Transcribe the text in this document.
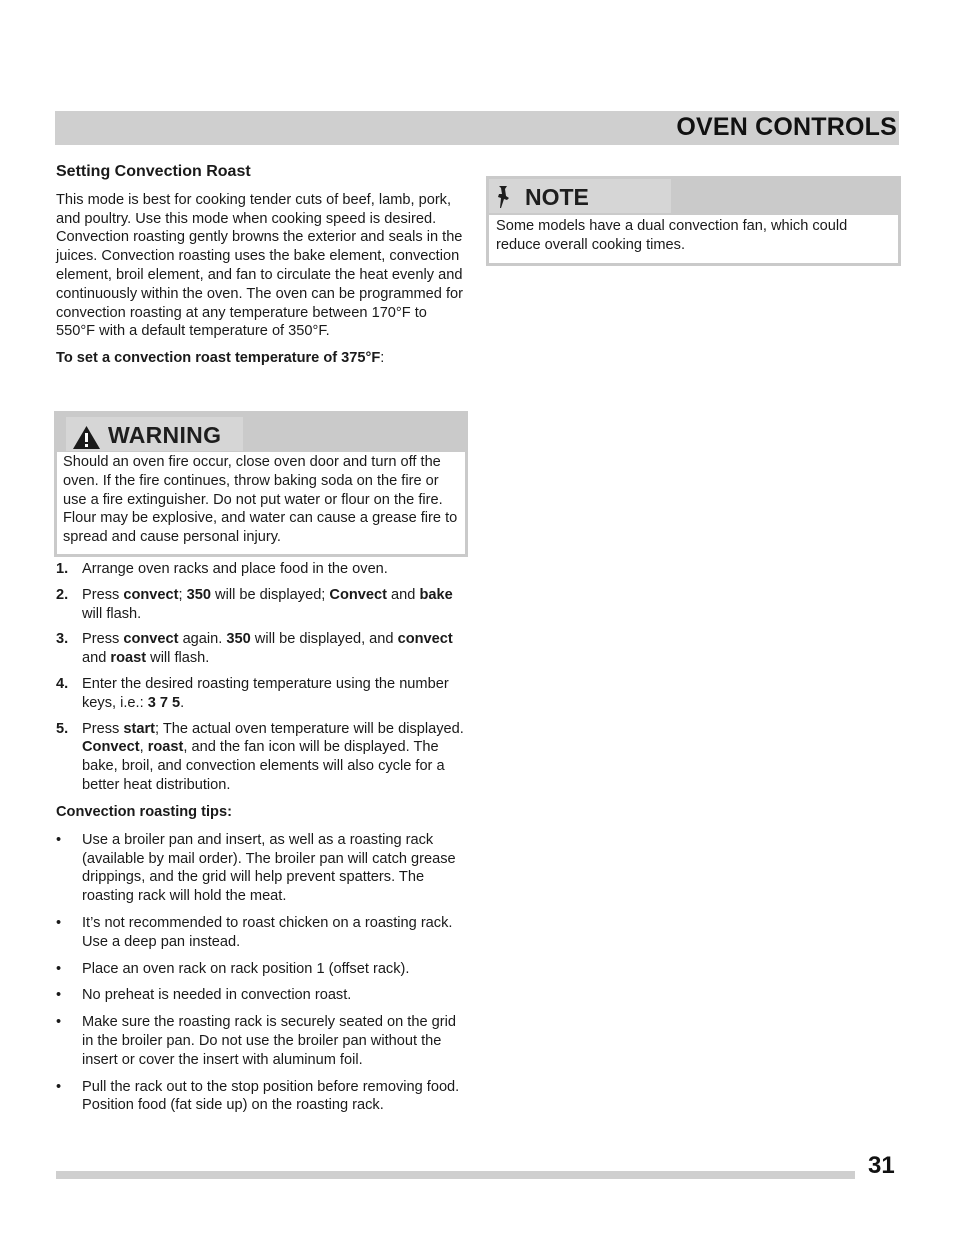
OVEN CONTROLS

Setting Convection Roast

This mode is best for cooking tender cuts of beef, lamb, pork, and poultry. Use this mode when cooking speed is desired. Convection roasting gently browns the exterior and seals in the juices. Convection roasting uses the bake element, convection element, broil element, and fan to circulate the heat evenly and continuously within the oven. The oven can be programmed for convection roasting at any temperature between 170°F to 550°F with a default temperature of 350°F.

To set a convection roast temperature of 375°F:

WARNING
Should an oven fire occur, close oven door and turn off the oven. If the fire continues, throw baking soda on the fire or use a fire extinguisher. Do not put water or flour on the fire. Flour may be explosive, and water can cause a grease fire to spread and cause personal injury.
1. Arrange oven racks and place food in the oven.
2. Press convect; 350 will be displayed; Convect and bake will flash.
3. Press convect again. 350 will be displayed, and convect and roast will flash.
4. Enter the desired roasting temperature using the number keys, i.e.: 3 7 5.
5. Press start; The actual oven temperature will be displayed. Convect, roast, and the fan icon will be displayed. The bake, broil, and convection elements will also cycle for a better heat distribution.
Convection roasting tips:
• Use a broiler pan and insert, as well as a roasting rack (available by mail order). The broiler pan will catch grease drippings, and the grid will help prevent spatters. The roasting rack will hold the meat.
• It’s not recommended to roast chicken on a roasting rack. Use a deep pan instead.
• Place an oven rack on rack position 1 (offset rack).
• No preheat is needed in convection roast.
• Make sure the roasting rack is securely seated on the grid in the broiler pan. Do not use the broiler pan without the insert or cover the insert with aluminum foil.
• Pull the rack out to the stop position before removing food. Position food (fat side up) on the roasting rack.
NOTE
Some models have a dual convection fan, which could reduce overall cooking times.
31
